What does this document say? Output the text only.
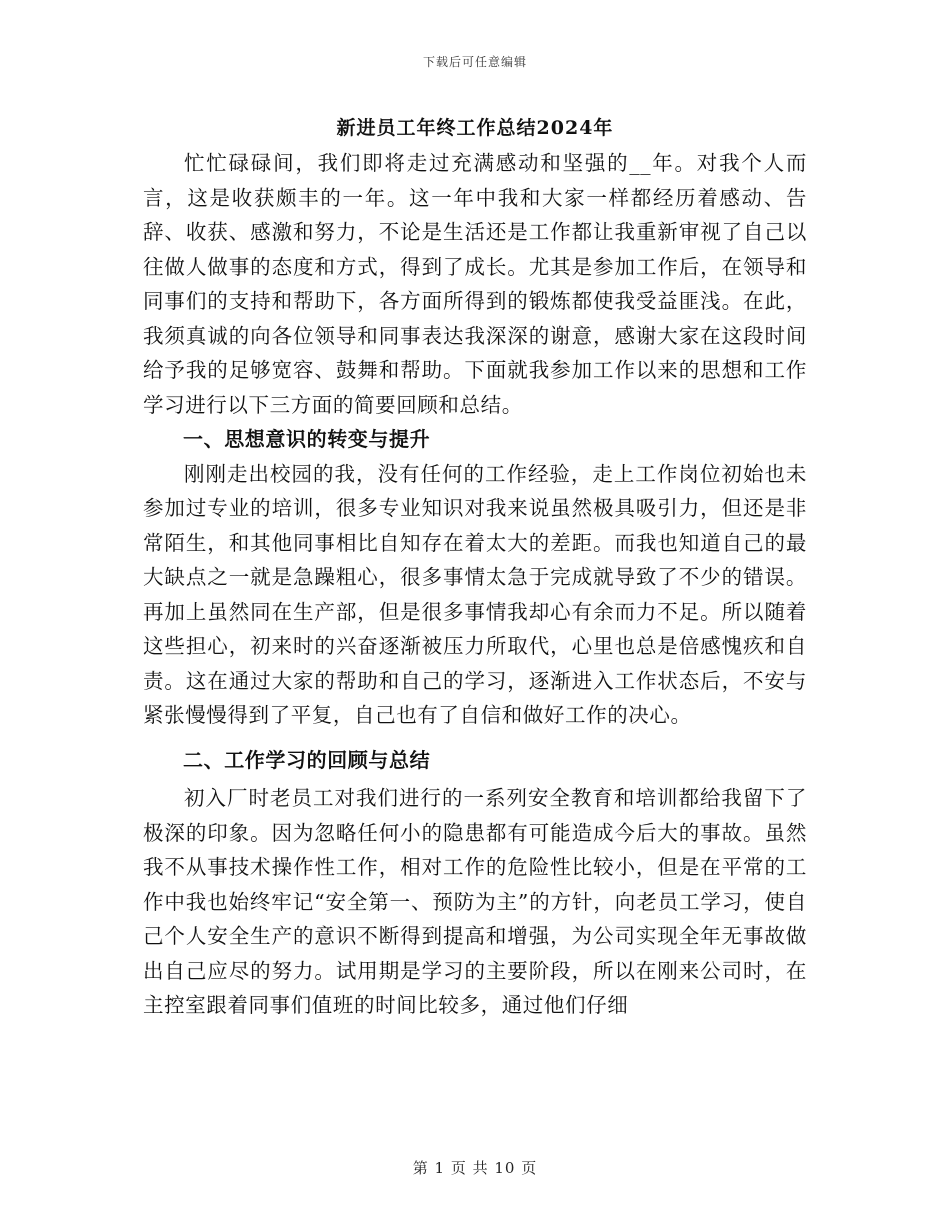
下载后可任意编辑
新进员工年终工作总结2024年

忙忙碌碌间，我们即将走过充满感动和坚强的__年。对我个人而言，这是收获颇丰的一年。这一年中我和大家一样都经历着感动、告辞、收获、感激和努力，不论是生活还是工作都让我重新审视了自己以往做人做事的态度和方式，得到了成长。尤其是参加工作后，在领导和同事们的支持和帮助下，各方面所得到的锻炼都使我受益匪浅。在此，我须真诚的向各位领导和同事表达我深深的谢意，感谢大家在这段时间给予我的足够宽容、鼓舞和帮助。下面就我参加工作以来的思想和工作学习进行以下三方面的简要回顾和总结。

一、思想意识的转变与提升

刚刚走出校园的我，没有任何的工作经验，走上工作岗位初始也未参加过专业的培训，很多专业知识对我来说虽然极具吸引力，但还是非常陌生，和其他同事相比自知存在着太大的差距。而我也知道自己的最大缺点之一就是急躁粗心，很多事情太急于完成就导致了不少的错误。再加上虽然同在生产部，但是很多事情我却心有余而力不足。所以随着这些担心，初来时的兴奋逐渐被压力所取代，心里也总是倍感愧疚和自责。这在通过大家的帮助和自己的学习，逐渐进入工作状态后，不安与紧张慢慢得到了平复，自己也有了自信和做好工作的决心。

二、工作学习的回顾与总结

初入厂时老员工对我们进行的一系列安全教育和培训都给我留下了极深的印象。因为忽略任何小的隐患都有可能造成今后大的事故。虽然我不从事技术操作性工作，相对工作的危险性比较小，但是在平常的工作中我也始终牢记“安全第一、预防为主”的方针，向老员工学习，使自己个人安全生产的意识不断得到提高和增强，为公司实现全年无事故做出自己应尽的努力。试用期是学习的主要阶段，所以在刚来公司时，在主控室跟着同事们值班的时间比较多，通过他们仔细

第 1 页 共 10 页
